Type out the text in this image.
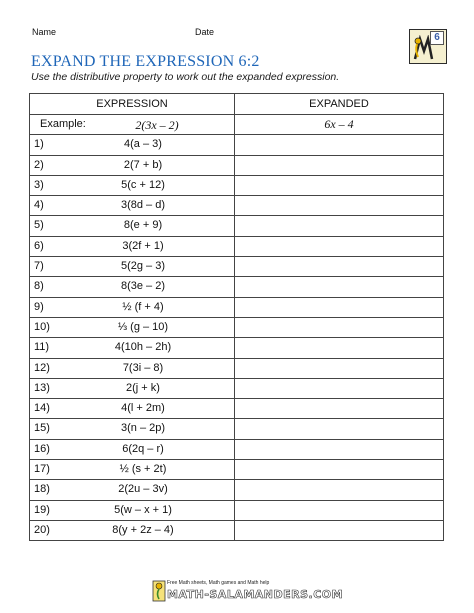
Name	Date	6
EXPAND THE EXPRESSION 6:2
Use the distributive property to work out the expanded expression.
EXPRESSION	EXPANDED

Example: 2(3x – 2)	6x – 4

1) 4(a – 3)	

2) 2(7 + b)	

3) 5(c + 12)	

4) 3(8d – d)	

5) 8(e + 9)	

6) 3(2f + 1)	

7) 5(2g – 3)	

8) 8(3e – 2)	

9) ½ (f + 4)	

10) ⅓ (g – 10)	

11) 4(10h – 2h)	

12) 7(3i – 8)	

13) 2(j + k)	

14) 4(l + 2m)	

15) 3(n – 2p)	

16) 6(2q – r)	

17) ½ (s + 2t)	

18) 2(2u – 3v)	

19) 5(w – x + 1)	

20) 8(y + 2z – 4)	

Free Math sheets, Math games and Math help
MATH-SALAMANDERS.COM
